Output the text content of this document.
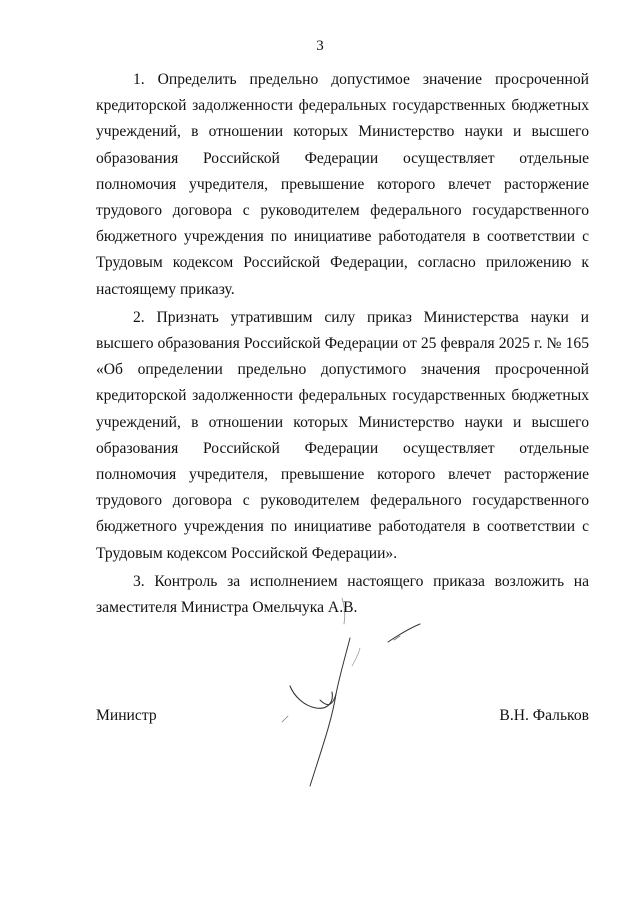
3

1. Определить предельно допустимое значение просроченной кредиторской задолженности федеральных государственных бюджетных учреждений, в отношении которых Министерство науки и высшего образования Российской Федерации осуществляет отдельные полномочия учредителя, превышение которого влечет расторжение трудового договора с руководителем федерального государственного бюджетного учреждения по инициативе работодателя в соответствии с Трудовым кодексом Российской Федерации, согласно приложению к настоящему приказу.

2. Признать утратившим силу приказ Министерства науки и высшего образования Российской Федерации от 25 февраля 2025 г. № 165 «Об определении предельно допустимого значения просроченной кредиторской задолженности федеральных государственных бюджетных учреждений, в отношении которых Министерство науки и высшего образования Российской Федерации осуществляет отдельные полномочия учредителя, превышение которого влечет расторжение трудового договора с руководителем федерального государственного бюджетного учреждения по инициативе работодателя в соответствии с Трудовым кодексом Российской Федерации».

3. Контроль за исполнением настоящего приказа возложить на заместителя Министра Омельчука А.В.

Министр	В.Н. Фальков
